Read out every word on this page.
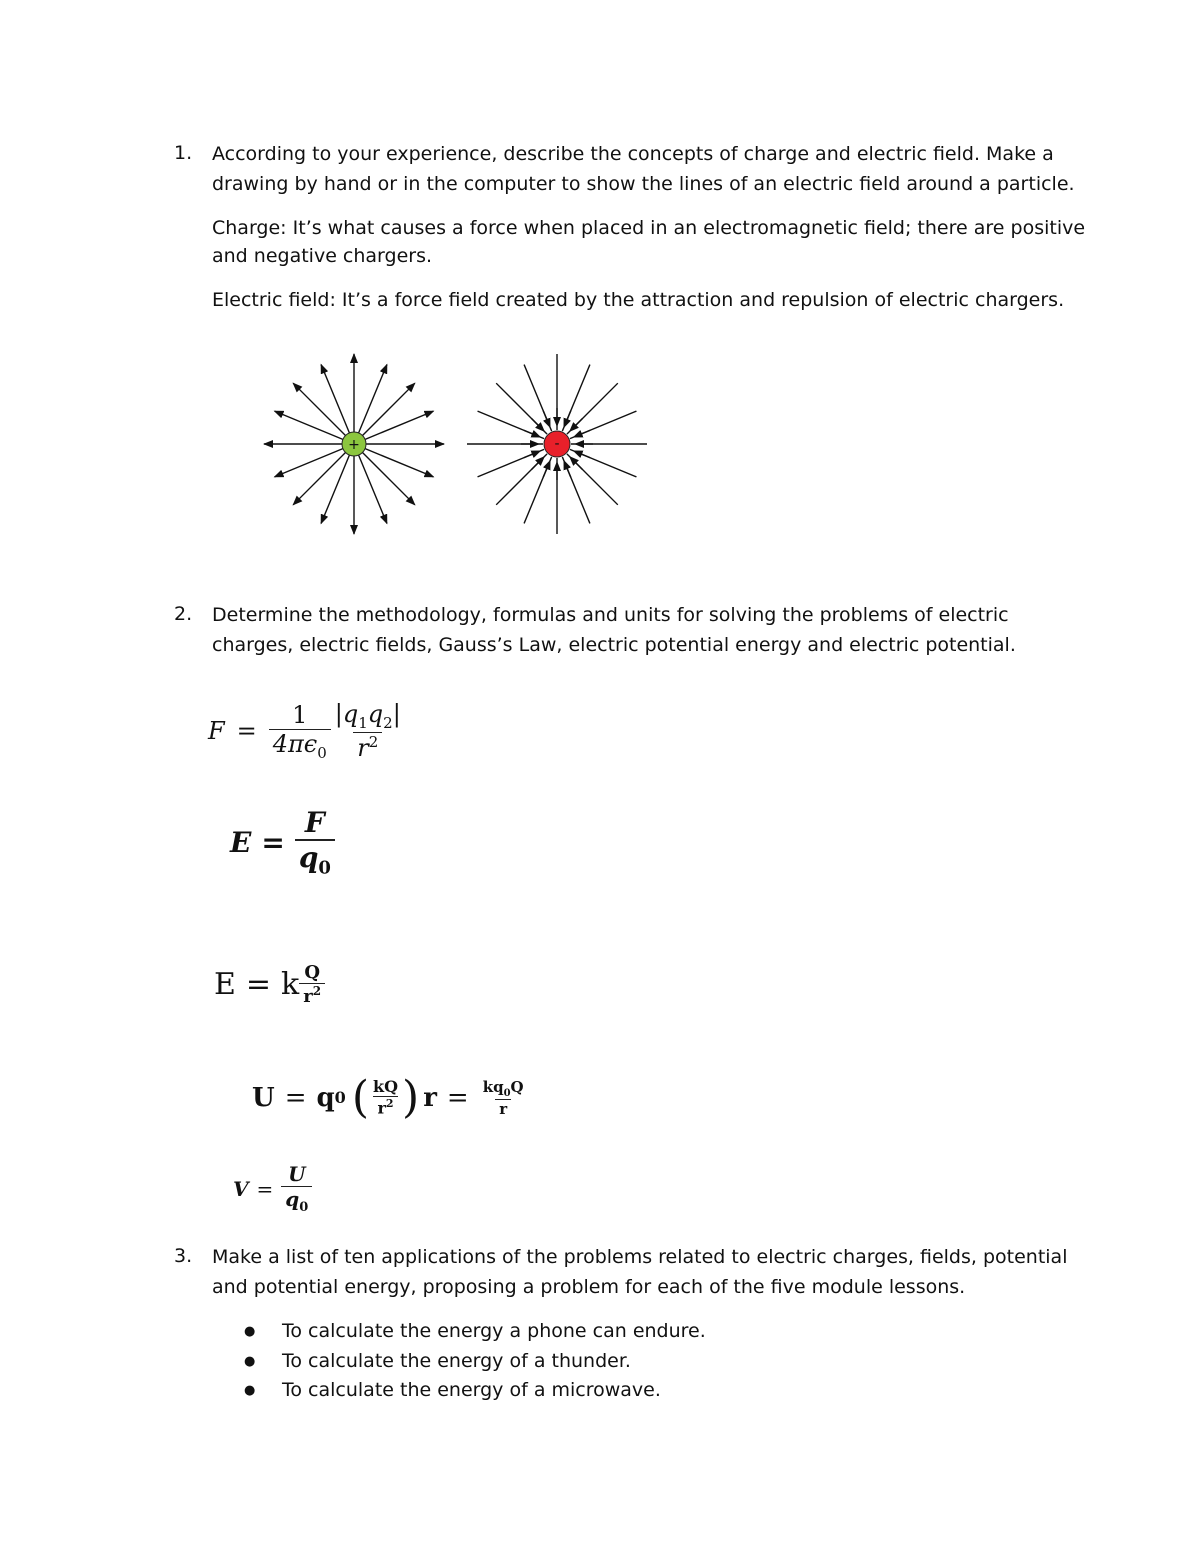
1. According to your experience, describe the concepts of charge and electric field. Make a
drawing by hand or in the computer to show the lines of an electric field around a particle.
Charge: It’s what causes a force when placed in an electromagnetic field; there are positive
and negative chargers.
Electric field: It’s a force field created by the attraction and repulsion of electric chargers.
+	-
2. Determine the methodology, formulas and units for solving the problems of electric
charges, electric fields, Gauss’s Law, electric potential energy and electric potential.
$F = \frac{1}{4\pi\epsilon_0} \frac{|q_1q_2|}{r^2}$
$E = \frac{F}{q_0}$
E = k $\frac{Q}{r^2}$
U = q 0 ( $\frac{kQ}{r^2}$ ) $r = \frac{kq_0Q}{r}$
$V = \frac{U}{q_0}$
3. Make a list of ten applications of the problems related to electric charges, fields, potential
and potential energy, proposing a problem for each of the five module lessons.
● To calculate the energy a phone can endure.
● To calculate the energy of a thunder.
● To calculate the energy of a microwave.
